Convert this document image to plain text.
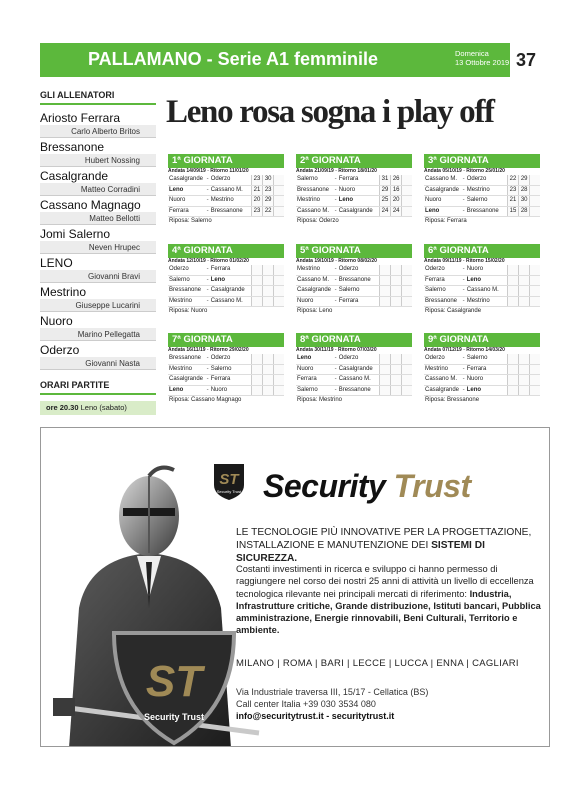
PALLAMANO - Serie A1 femminile	Domenica
13 Ottobre 2019 37
GLI ALLENATORI
Ariosto Ferrara
Carlo Alberto Britos
Bressanone
Hubert Nossing
Casalgrande
Matteo Corradini
Cassano Magnago
Matteo Bellotti
Jomi Salerno
Neven Hrupec
LENO
Giovanni Bravi
Mestrino
Giuseppe Lucarini
Nuoro
Marino Pellegatta
Oderzo
Giovanni Nasta
ORARI PARTITE
ore 20.30 Leno (sabato)
Leno rosa sogna i play off
1ª GIORNATA
Andata 14/09/19 - Ritorno 11/01/20
Casalgrande	-	Oderzo	23	30	
Leno	-	Cassano M.	21	23	
Nuoro	-	Mestrino	20	29	
Ferrara	-	Bressanone	23	22	
Riposa: Salerno
2ª GIORNATA
Andata 21/09/19 - Ritorno 18/01/20
Salerno	-	Ferrara	31	26	
Bressanone	-	Nuoro	29	16	
Mestrino	-	Leno	25	20	
Cassano M.	-	Casalgrande	24	24	
Riposa: Oderzo
3ª GIORNATA
Andata 05/10/19 - Ritorno 25/01/20
Cassano M.	-	Oderzo	22	29	
Casalgrande	-	Mestrino	23	28	
Nuoro	-	Salerno	21	30	
Leno	-	Bressanone	15	28	
Riposa: Ferrara
4ª GIORNATA
Andata 12/10/19 - Ritorno 01/02/20
Oderzo	-	Ferrara			
Salerno	-	Leno			
Bressanone	-	Casalgrande			
Mestrino	-	Cassano M.			
Riposa: Nuoro
5ª GIORNATA
Andata 19/10/19 - Ritorno 08/02/20
Mestrino	-	Oderzo			
Cassano M.	-	Bressanone			
Casalgrande	-	Salerno			
Nuoro	-	Ferrara			
Riposa: Leno
6ª GIORNATA
Andata 09/11/19 - Ritorno 15/02/20
Oderzo	-	Nuoro			
Ferrara	-	Leno			
Salerno	-	Cassano M.			
Bressanone	-	Mestrino			
Riposa: Casalgrande
7ª GIORNATA
Andata 16/11/19 - Ritorno 29/02/20
Bressanone	-	Oderzo			
Mestrino	-	Salerno			
Casalgrande	-	Ferrara			
Leno	-	Nuoro			
Riposa: Cassano Magnago
8ª GIORNATA
Andata 30/11/19 - Ritorno 07/03/20
Leno	-	Oderzo			
Nuoro	-	Casalgrande			
Ferrara	-	Cassano M.			
Salerno	-	Bressanone			
Riposa: Mestrino
9ª GIORNATA
Andata 07/12/19 - Ritorno 14/03/20
Oderzo	-	Salerno			
Mestrino	-	Ferrara			
Cassano M.	-	Nuoro			
Casalgrande	-	Leno			
Riposa: Bressanone
ST
Security Trust
ST
Security Trust Security Trust
LE TECNOLOGIE PIÙ INNOVATIVE PER LA PROGETTAZIONE,
INSTALLAZIONE E MANUTENZIONE DEI SISTEMI DI SICUREZZA.
Costanti investimenti in ricerca e sviluppo ci hanno permesso di raggiungere nel corso dei nostri 25 anni di attività un livello di eccellenza tecnologica rilevante nei principali mercati di riferimento: Industria, Infrastrutture critiche, Grande distribuzione, Istituti bancari, Pubblica amministrazione, Energie rinnovabili, Beni Culturali, Territorio e ambiente.
MILANO | ROMA | BARI | LECCE | LUCCA | ENNA | CAGLIARI
Via Industriale traversa III, 15/17 - Cellatica (BS)
Call center Italia +39 030 3534 080
info@securitytrust.it - securitytrust.it
